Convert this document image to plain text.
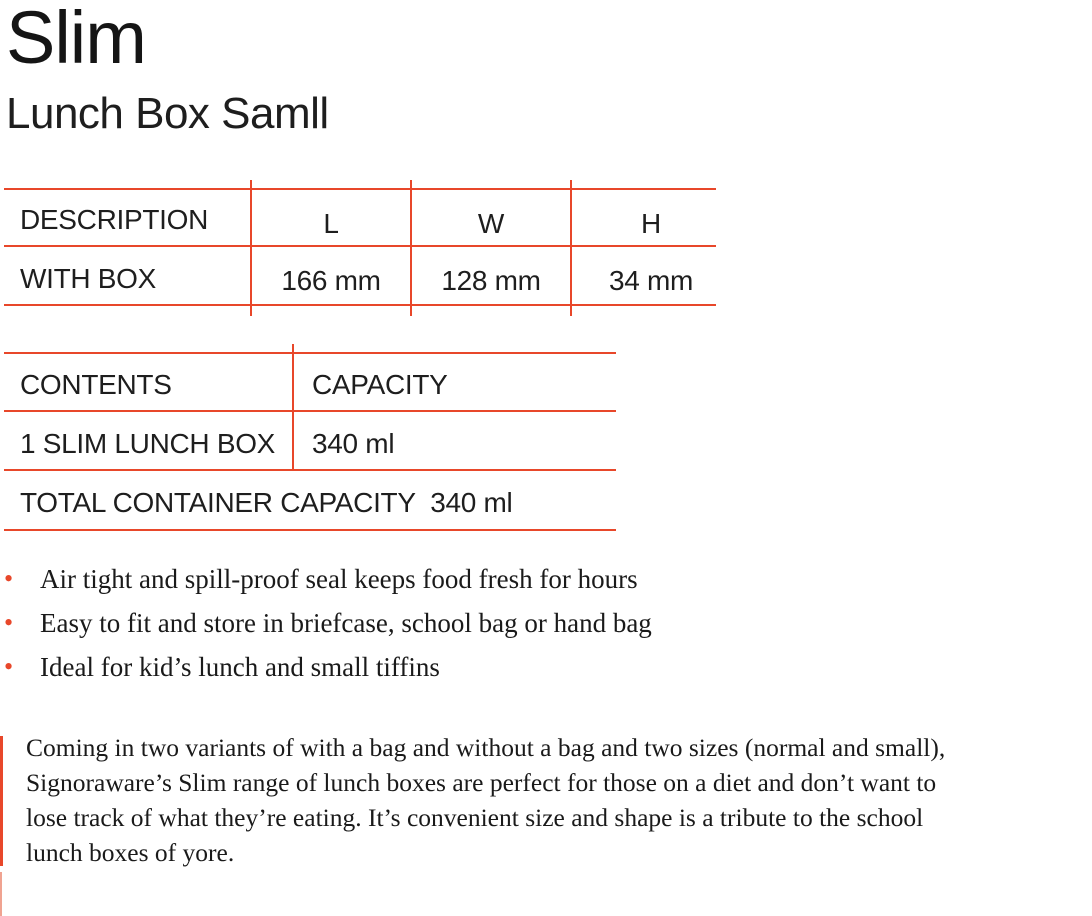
Slim
Lunch Box Samll
DESCRIPTION	L	W	H
WITH BOX	166 mm	128 mm	34 mm
CONTENTS	CAPACITY
1 SLIM LUNCH BOX 340 ml
TOTAL CONTAINER CAPACITY  340 ml
• Air tight and spill-proof seal keeps food fresh for hours
• Easy to fit and store in briefcase, school bag or hand bag
• Ideal for kid’s lunch and small tiffins
Coming in two variants of with a bag and without a bag and two sizes (normal and small),
Signoraware’s Slim range of lunch boxes are perfect for those on a diet and don’t want to
lose track of what they’re eating. It’s convenient size and shape is a tribute to the school
lunch boxes of yore.
